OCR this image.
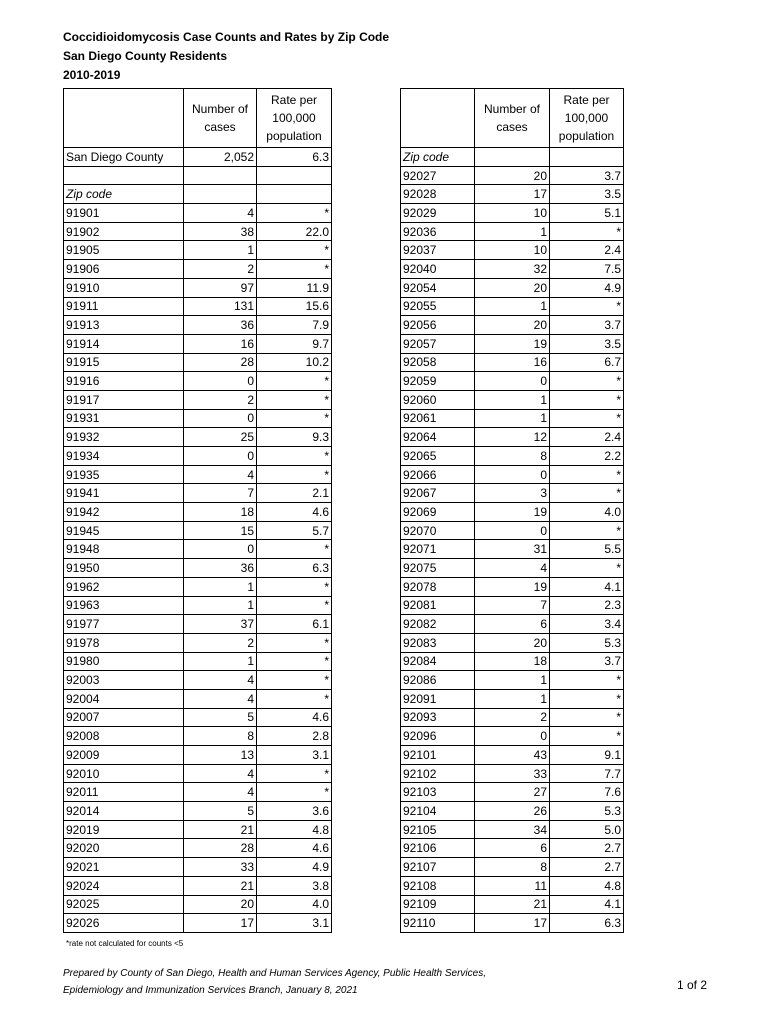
Coccidioidomycosis Case Counts and Rates by Zip Code
San Diego County Residents
2010-2019
	Number of cases	Rate per 100,000 population
San Diego County	2,052	6.3

Zip code		
91901	4	*
91902	38	22.0
91905	1	*
91906	2	*
91910	97	11.9
91911	131	15.6
91913	36	7.9
91914	16	9.7
91915	28	10.2
91916	0	*
91917	2	*
91931	0	*
91932	25	9.3
91934	0	*
91935	4	*
91941	7	2.1
91942	18	4.6
91945	15	5.7
91948	0	*
91950	36	6.3
91962	1	*
91963	1	*
91977	37	6.1
91978	2	*
91980	1	*
92003	4	*
92004	4	*
92007	5	4.6
92008	8	2.8
92009	13	3.1
92010	4	*
92011	4	*
92014	5	3.6
92019	21	4.8
92020	28	4.6
92021	33	4.9
92024	21	3.8
92025	20	4.0
92026	17	3.1
	Number of cases	Rate per 100,000 population
Zip code		
92027	20	3.7
92028	17	3.5
92029	10	5.1
92036	1	*
92037	10	2.4
92040	32	7.5
92054	20	4.9
92055	1	*
92056	20	3.7
92057	19	3.5
92058	16	6.7
92059	0	*
92060	1	*
92061	1	*
92064	12	2.4
92065	8	2.2
92066	0	*
92067	3	*
92069	19	4.0
92070	0	*
92071	31	5.5
92075	4	*
92078	19	4.1
92081	7	2.3
92082	6	3.4
92083	20	5.3
92084	18	3.7
92086	1	*
92091	1	*
92093	2	*
92096	0	*
92101	43	9.1
92102	33	7.7
92103	27	7.6
92104	26	5.3
92105	34	5.0
92106	6	2.7
92107	8	2.7
92108	11	4.8
92109	21	4.1
92110	17	6.3
*rate not calculated for counts <5
Prepared by County of San Diego, Health and Human Services Agency, Public Health Services,
Epidemiology and Immunization Services Branch, January 8, 2021	1 of 2
